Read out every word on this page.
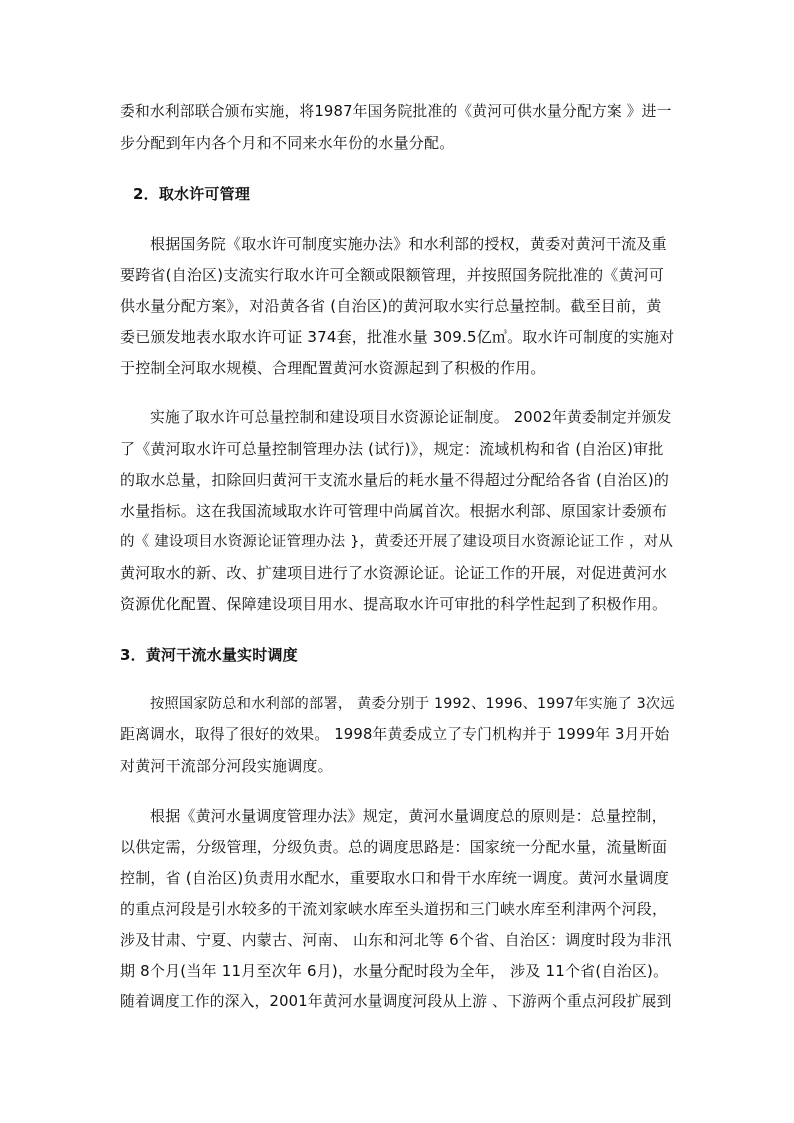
委和水利部联合颁布实施，将1987年国务院批准的《黄河可供水量分配方案 》进一
步分配到年内各个月和不同来水年份的水量分配。
2．取水许可管理
根据国务院《取水许可制度实施办法》和水利部的授权，黄委对黄河干流及重
要跨省(自治区)支流实行取水许可全额或限额管理，并按照国务院批准的《黄河可
供水量分配方案》，对沿黄各省 (自治区)的黄河取水实行总量控制。截至目前，黄
委已颁发地表水取水许可证 374套，批准水量 309.5亿㎥。取水许可制度的实施对
于控制全河取水规模、合理配置黄河水资源起到了积极的作用。
实施了取水许可总量控制和建设项目水资源论证制度。 2002年黄委制定并颁发
了《黄河取水许可总量控制管理办法 (试行)》，规定：流域机构和省 (自治区)审批
的取水总量，扣除回归黄河干支流水量后的耗水量不得超过分配给各省 (自治区)的
水量指标。这在我国流域取水许可管理中尚属首次。根据水利部、原国家计委颁布
的《 建设项目水资源论证管理办法 }，黄委还开展了建设项目水资源论证工作 ，对从
黄河取水的新、改、扩建项目进行了水资源论证。论证工作的开展，对促进黄河水
资源优化配置、保障建设项目用水、提高取水许可审批的科学性起到了积极作用。
3．黄河干流水量实时调度
按照国家防总和水利部的部署， 黄委分别于 1992、1996、1997年实施了 3次远
距离调水，取得了很好的效果。 1998年黄委成立了专门机构并于 1999年 3月开始
对黄河干流部分河段实施调度。
根据《黄河水量调度管理办法》规定，黄河水量调度总的原则是：总量控制，
以供定需，分级管理，分级负责。总的调度思路是：国家统一分配水量，流量断面
控制，省 (自治区)负责用水配水，重要取水口和骨干水库统一调度。黄河水量调度
的重点河段是引水较多的干流刘家峡水库至头道拐和三门峡水库至利津两个河段，
涉及甘肃、宁夏、内蒙古、河南、 山东和河北等 6个省、自治区：调度时段为非汛
期 8个月(当年 11月至次年 6月)，水量分配时段为全年， 涉及 11个省(自治区)。
随着调度工作的深入，2001年黄河水量调度河段从上游 、下游两个重点河段扩展到
